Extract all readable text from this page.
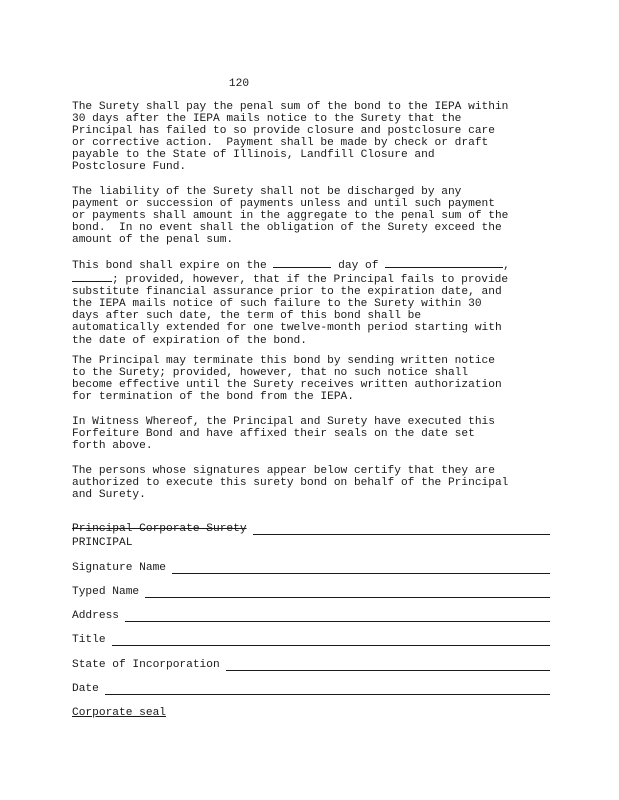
120
The Surety shall pay the penal sum of the bond to the IEPA within
30 days after the IEPA mails notice to the Surety that the
Principal has failed to so provide closure and postclosure care
or corrective action.  Payment shall be made by check or draft
payable to the State of Illinois, Landfill Closure and
Postclosure Fund.
The liability of the Surety shall not be discharged by any
payment or succession of payments unless and until such payment
or payments shall amount in the aggregate to the penal sum of the
bond.  In no event shall the obligation of the Surety exceed the
amount of the penal sum.
This bond shall expire on the	day of	,
; provided, however, that if the Principal fails to provide
substitute financial assurance prior to the expiration date, and
the IEPA mails notice of such failure to the Surety within 30
days after such date, the term of this bond shall be
automatically extended for one twelve-month period starting with
the date of expiration of the bond.
The Principal may terminate this bond by sending written notice
to the Surety; provided, however, that no such notice shall
become effective until the Surety receives written authorization
for termination of the bond from the IEPA.
In Witness Whereof, the Principal and Surety have executed this
Forfeiture Bond and have affixed their seals on the date set
forth above.
The persons whose signatures appear below certify that they are
authorized to execute this surety bond on behalf of the Principal
and Surety.
Principal Corporate Surety
PRINCIPAL
Signature Name
Typed Name
Address
Title
State of Incorporation
Date
Corporate seal
